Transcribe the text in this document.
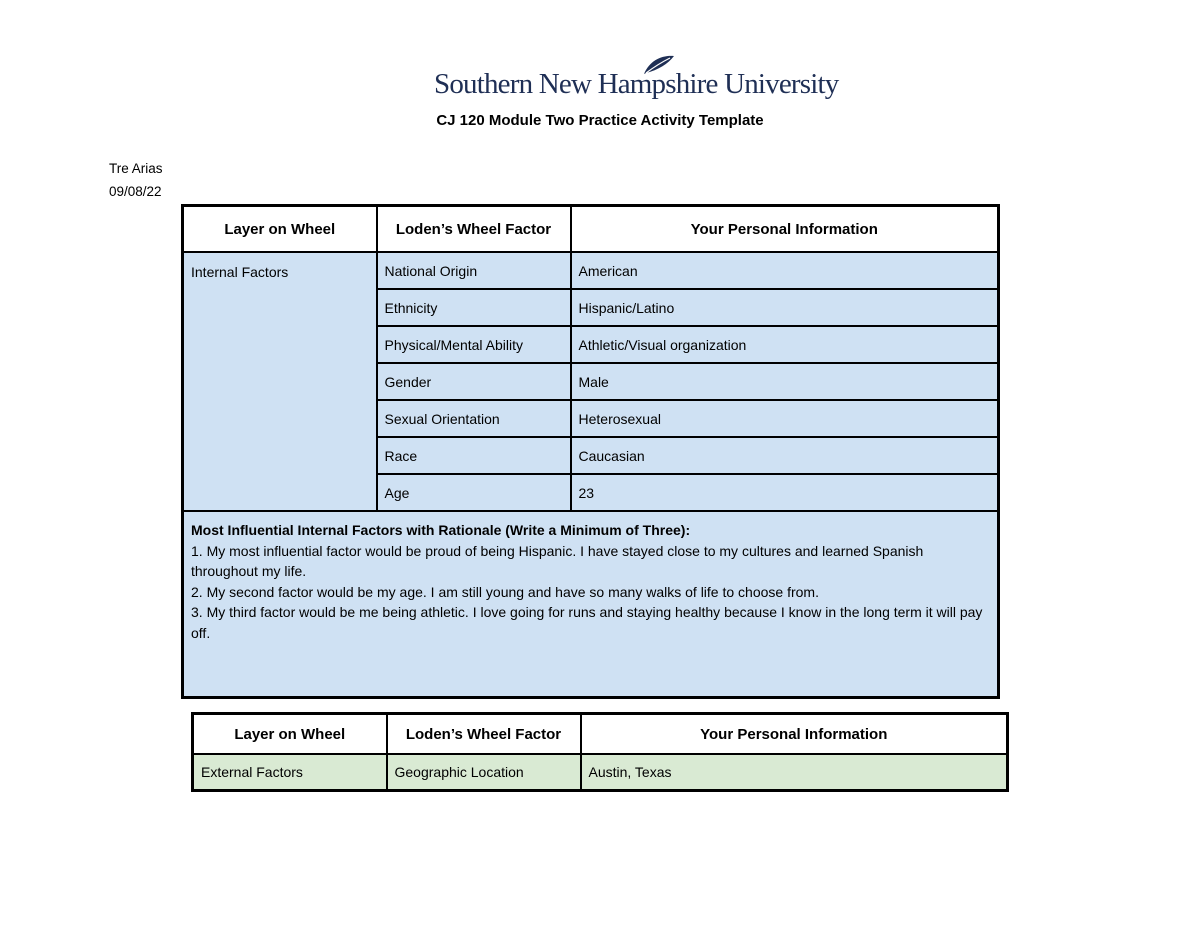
Southern New Hampshire University
CJ 120 Module Two Practice Activity Template
Tre Arias
09/08/22
Layer on Wheel	Loden’s Wheel Factor	Your Personal Information
Internal Factors	National Origin	American
	Ethnicity	Hispanic/Latino
	Physical/Mental Ability	Athletic/Visual organization
	Gender	Male
	Sexual Orientation	Heterosexual
	Race	Caucasian
	Age	23

Most Influential Internal Factors with Rationale (Write a Minimum of Three):
1. My most influential factor would be proud of being Hispanic. I have stayed close to my cultures and learned Spanish throughout my life.
2. My second factor would be my age. I am still young and have so many walks of life to choose from.
3. My third factor would be me being athletic. I love going for runs and staying healthy because I know in the long term it will pay off.		
Layer on Wheel	Loden’s Wheel Factor	Your Personal Information
External Factors	Geographic Location	Austin, Texas
